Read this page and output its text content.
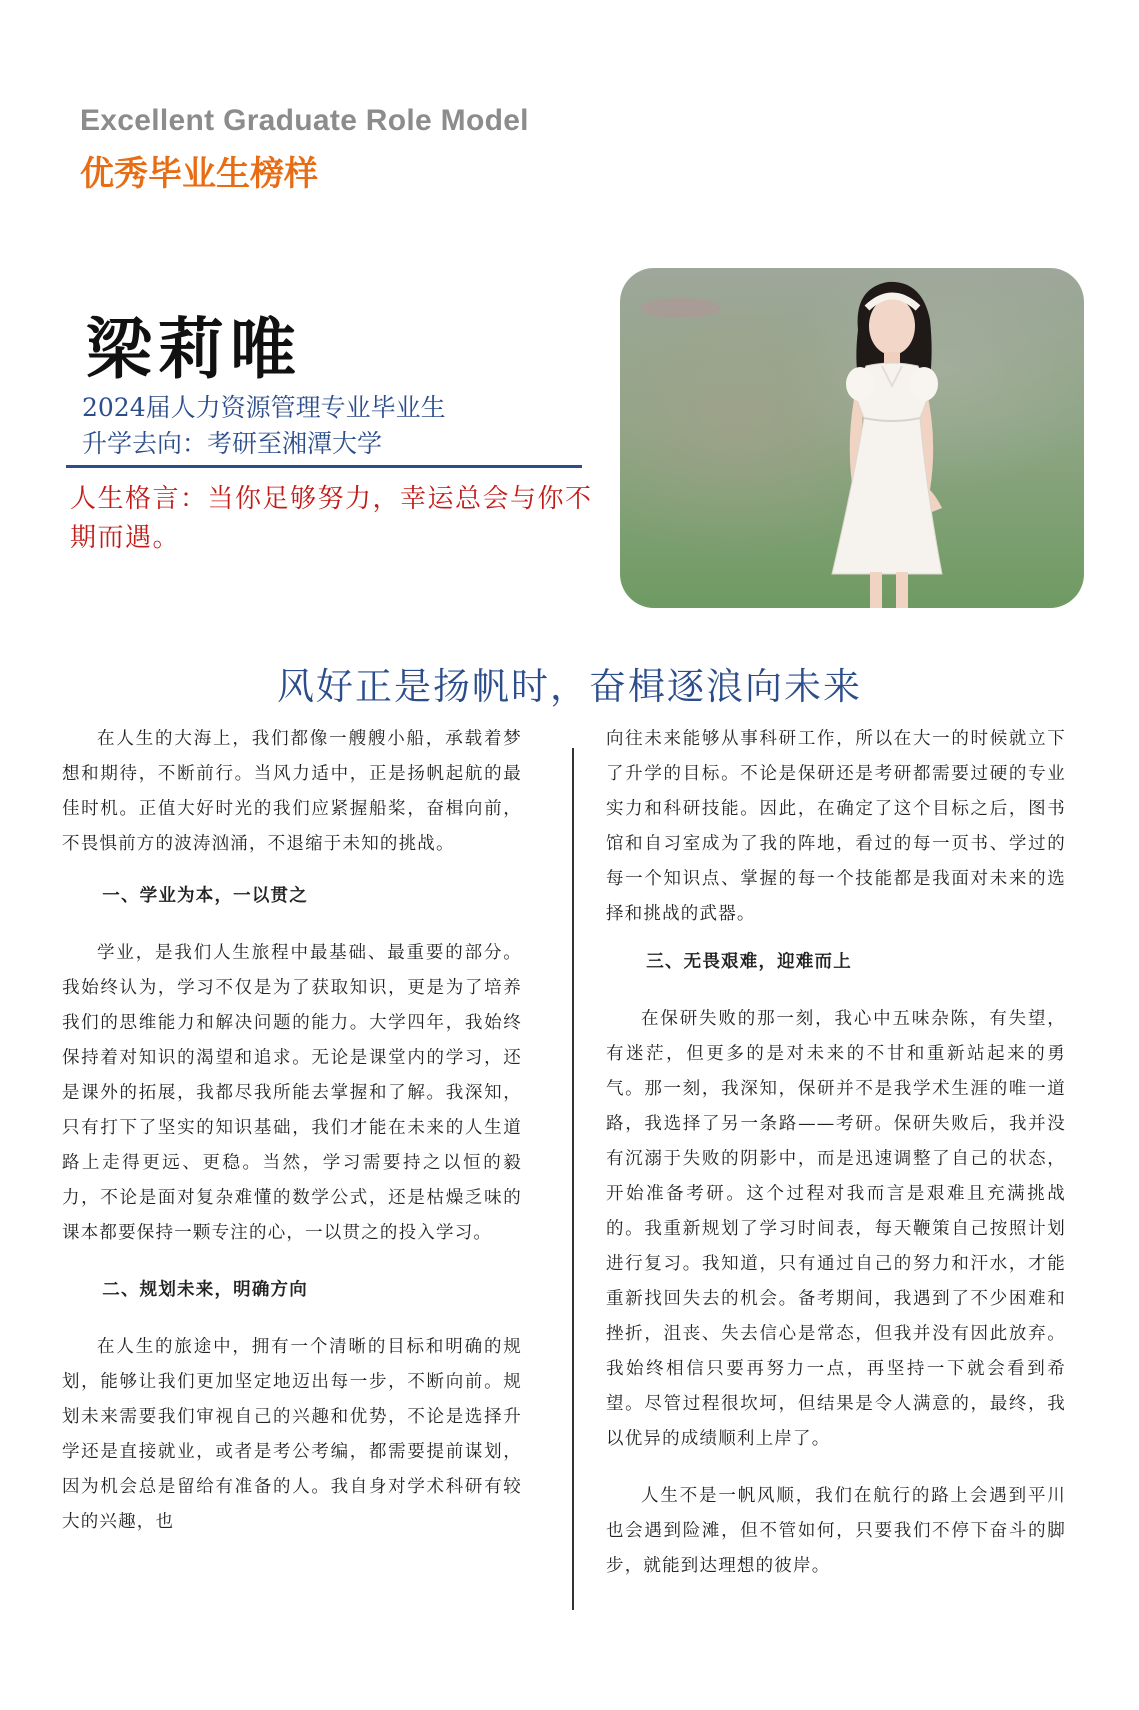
Excellent Graduate Role Model
优秀毕业生榜样
梁莉唯
2024届人力资源管理专业毕业生
升学去向：考研至湘潭大学
人生格言：当你足够努力，幸运总会与你不期而遇。
风好正是扬帆时，奋楫逐浪向未来

在人生的大海上，我们都像一艘艘小船，承载着梦想和期待，不断前行。当风力适中，正是扬帆起航的最佳时机。正值大好时光的我们应紧握船桨，奋楫向前，不畏惧前方的波涛汹涌，不退缩于未知的挑战。

一、学业为本，一以贯之

学业，是我们人生旅程中最基础、最重要的部分。我始终认为，学习不仅是为了获取知识，更是为了培养我们的思维能力和解决问题的能力。大学四年，我始终保持着对知识的渴望和追求。无论是课堂内的学习，还是课外的拓展，我都尽我所能去掌握和了解。我深知，只有打下了坚实的知识基础，我们才能在未来的人生道路上走得更远、更稳。当然，学习需要持之以恒的毅力，不论是面对复杂难懂的数学公式，还是枯燥乏味的课本都要保持一颗专注的心，一以贯之的投入学习。

二、规划未来，明确方向

在人生的旅途中，拥有一个清晰的目标和明确的规划，能够让我们更加坚定地迈出每一步，不断向前。规划未来需要我们审视自己的兴趣和优势，不论是选择升学还是直接就业，或者是考公考编，都需要提前谋划，因为机会总是留给有准备的人。我自身对学术科研有较大的兴趣，也

向往未来能够从事科研工作，所以在大一的时候就立下了升学的目标。不论是保研还是考研都需要过硬的专业实力和科研技能。因此，在确定了这个目标之后，图书馆和自习室成为了我的阵地，看过的每一页书、学过的每一个知识点、掌握的每一个技能都是我面对未来的选择和挑战的武器。

三、无畏艰难，迎难而上

在保研失败的那一刻，我心中五味杂陈，有失望，有迷茫，但更多的是对未来的不甘和重新站起来的勇气。那一刻，我深知，保研并不是我学术生涯的唯一道路，我选择了另一条路——考研。保研失败后，我并没有沉溺于失败的阴影中，而是迅速调整了自己的状态，开始准备考研。这个过程对我而言是艰难且充满挑战的。我重新规划了学习时间表，每天鞭策自己按照计划进行复习。我知道，只有通过自己的努力和汗水，才能重新找回失去的机会。备考期间，我遇到了不少困难和挫折，沮丧、失去信心是常态，但我并没有因此放弃。我始终相信只要再努力一点，再坚持一下就会看到希望。尽管过程很坎坷，但结果是令人满意的，最终，我以优异的成绩顺利上岸了。

人生不是一帆风顺，我们在航行的路上会遇到平川也会遇到险滩，但不管如何，只要我们不停下奋斗的脚步，就能到达理想的彼岸。
